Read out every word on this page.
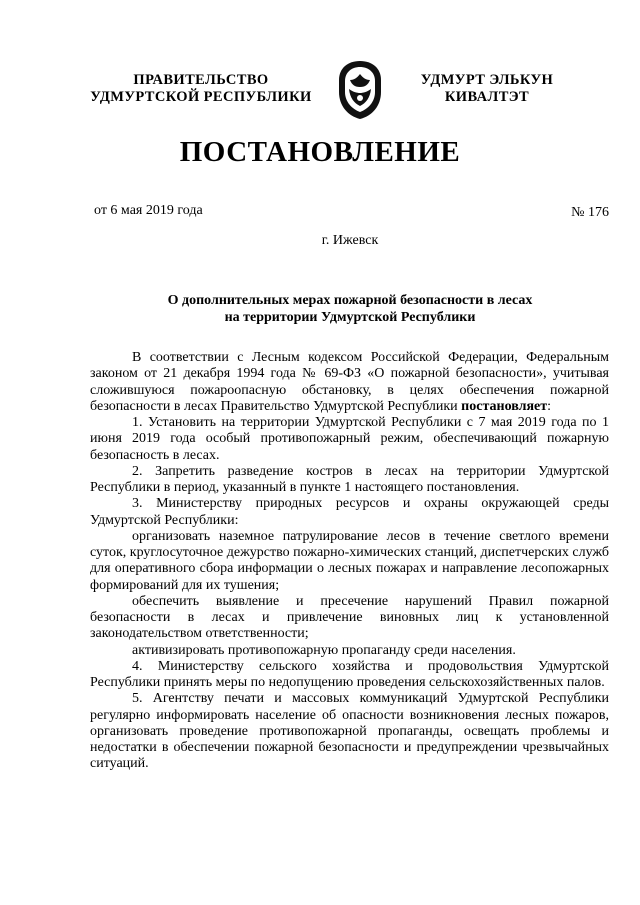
ПРАВИТЕЛЬСТВО
УДМУРТСКОЙ РЕСПУБЛИКИ
УДМУРТ ЭЛЬКУН
КИВАЛТЭТ
ПОСТАНОВЛЕНИЕ
от 6 мая 2019 года	№ 176
г. Ижевск
О дополнительных мерах пожарной безопасности в лесах
на территории Удмуртской Республики

В соответствии с Лесным кодексом Российской Федерации, Федеральным законом от 21 декабря 1994 года № 69-ФЗ «О пожарной безопасности», учитывая сложившуюся пожароопасную обстановку, в целях обеспечения пожарной безопасности в лесах Правительство Удмуртской Республики постановляет:

1. Установить на территории Удмуртской Республики с 7 мая 2019 года по 1 июня 2019 года особый противопожарный режим, обеспечивающий пожарную безопасность в лесах.

2. Запретить разведение костров в лесах на территории Удмуртской Республики в период, указанный в пункте 1 настоящего постановления.

3. Министерству природных ресурсов и охраны окружающей среды Удмуртской Республики:

организовать наземное патрулирование лесов в течение светлого времени суток, круглосуточное дежурство пожарно-химических станций, диспетчерских служб для оперативного сбора информации о лесных пожарах и направление лесопожарных формирований для их тушения;

обеспечить выявление и пресечение нарушений Правил пожарной безопасности в лесах и привлечение виновных лиц к установленной законодательством ответственности;

активизировать противопожарную пропаганду среди населения.

4. Министерству сельского хозяйства и продовольствия Удмуртской Республики принять меры по недопущению проведения сельскохозяйственных палов.

5. Агентству печати и массовых коммуникаций Удмуртской Республики регулярно информировать население об опасности возникновения лесных пожаров, организовать проведение противопожарной пропаганды, освещать проблемы и недостатки в обеспечении пожарной безопасности и предупреждении чрезвычайных ситуаций.
